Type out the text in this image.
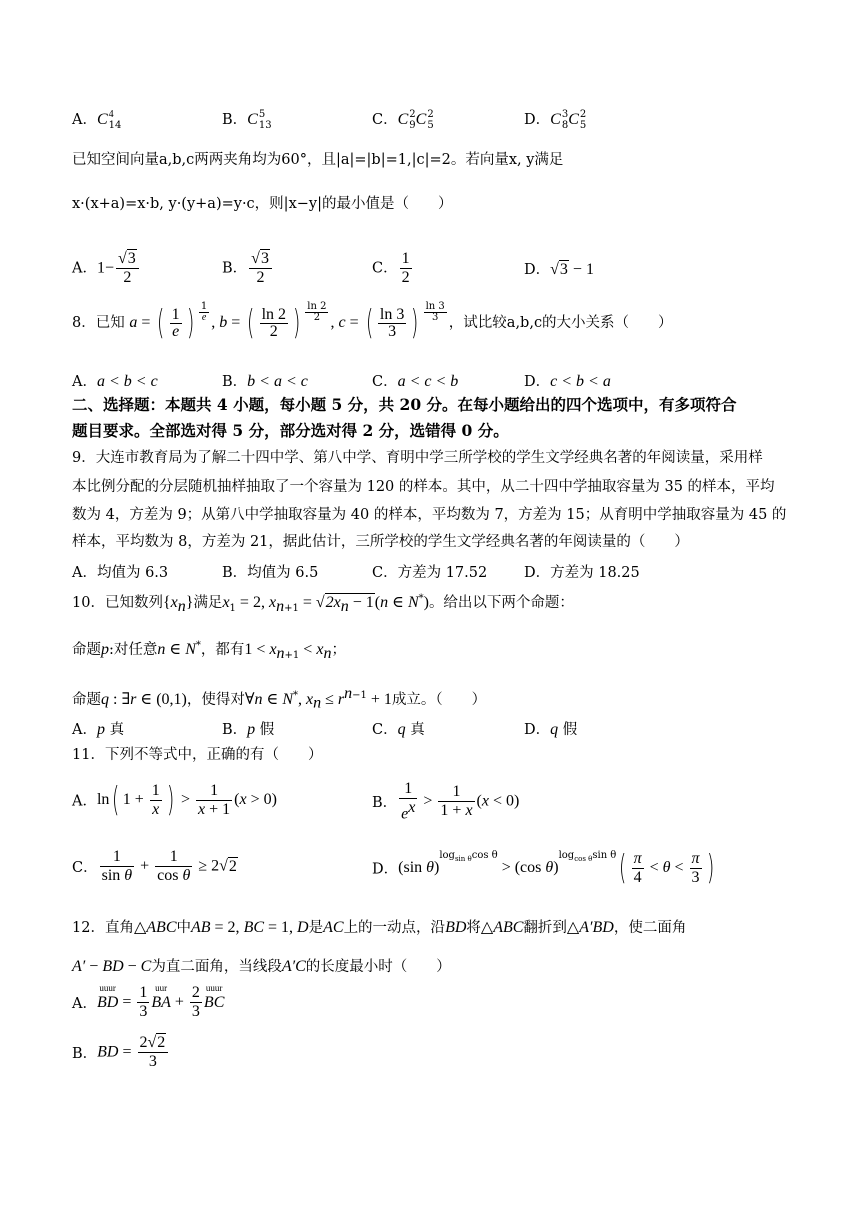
A．C 4
14	B．C 5
13	C．C 2
9 C 2
5	D．C 3
8 C 2
5
已知空间向量a,b,c两两夹角均为60°，且|a|=|b|=1,|c|=2。若向量x, y满足
x·(x+a)=x·b, y·(y+a)=y·c，则|x−y|的最小值是（　　）
A．$1- \frac{√3}{2}$	B． $\frac{√3}{2}$	C． $\frac{1}{2}$	D．√3 − 1
8．已知 a = ( $\frac{1}{e}$ ) $\frac{1}{e}$ , b = ( $\frac{\ln 2}{2}$ ) $\frac{\ln 2}{2}$ , c = ( $\frac{\ln 3}{3}$ ) $\frac{\ln 3}{3}$ ，试比较a,b,c的大小关系（　　）
A．a < b < c	B．b < a < c	C．a < c < b	D．c < b < a
二、选择题：本题共 4 小题，每小题 5 分，共 20 分。在每小题给出的四个选项中，有多项符合
题目要求。全部选对得 5 分，部分选对得 2 分，选错得 0 分。
9．大连市教育局为了解二十四中学、第八中学、育明中学三所学校的学生文学经典名著的年阅读量，采用样
本比例分配的分层随机抽样抽取了一个容量为 120 的样本。其中，从二十四中学抽取容量为 35 的样本，平均
数为 4，方差为 9；从第八中学抽取容量为 40 的样本，平均数为 7，方差为 15；从育明中学抽取容量为 45 的
样本，平均数为 8，方差为 21，据此估计，三所学校的学生文学经典名著的年阅读量的（　　）
A．均值为 6.3	B．均值为 6.5	C．方差为 17.52	D．方差为 18.25
10．已知数列$\{x_n\}$满足$x_1 = 2$, $x_{n+1} = √2x_n - 1(n$ ∈ N*)。给出以下两个命题：
命题p:对任意n ∈ N*，都有$1 < x_{n+1} < x_n$；
命题q : ∃r ∈ (0,1)，使得对∀n ∈ N*, $x_n \le r^{n-1} + 1$成立。（　　）
A．p 真	B．p 假	C．q 真	D．q 假
11．下列不等式中，正确的有（　　）
A．ln( $1 + \frac{1}{x}$ ) > $\frac{1}{x + 1} (x > 0)$	B． $\frac{1}{e^x} > \frac{1}{1 + x} (x < 0)$
C． $\frac{1}{\text{sin θ}} + \frac{1}{\text{cos θ}} \ge 2√2$	D．(sin θ)$^{log_{sin \theta}cos \theta}$ > (cos $\theta)^{log_{cos \theta}sin \theta}( \frac{\pi}{4} < \theta < \frac{\pi}{3}$ )
12．直角△ABC中AB = 2, BC = 1, D是AC上的一动点，沿BD将△ABC翻折到△A′BD，使二面角
A′ − BD − C为直二面角，当线段A′C的长度最小时（　　）
A．
uuur
BD = $\frac{1}{3}$ uur
BA + $\frac{2}{3}$ uuur
BC
B．BD = $\frac{2√2}{3}$
